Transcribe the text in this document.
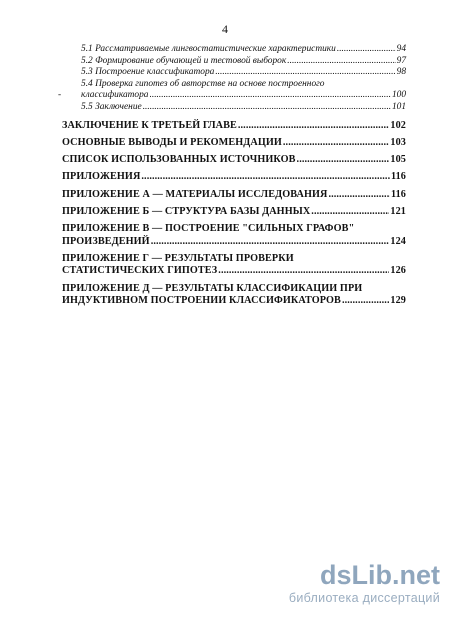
4
5.1 Рассматриваемые лингвостатистические характеристики .....	94
5.2 Формирование обучающей и тестовой выборок .....	97
5.3 Построение классификатора .....	98
5.4 Проверка гипотез об авторстве на основе построенного
- классификатора .....	100
5.5 Заключение .....	101
ЗАКЛЮЧЕНИЕ К ТРЕТЬЕЙ ГЛАВЕ .....	102
ОСНОВНЫЕ ВЫВОДЫ И РЕКОМЕНДАЦИИ .....	103
СПИСОК ИСПОЛЬЗОВАННЫХ ИСТОЧНИКОВ .....	105
ПРИЛОЖЕНИЯ .....	116
ПРИЛОЖЕНИЕ А — МАТЕРИАЛЫ ИССЛЕДОВАНИЯ .....	116
ПРИЛОЖЕНИЕ Б — СТРУКТУРА БАЗЫ ДАННЫХ .....	121
ПРИЛОЖЕНИЕ В — ПОСТРОЕНИЕ "СИЛЬНЫХ ГРАФОВ"
ПРОИЗВЕДЕНИЙ .....	124
ПРИЛОЖЕНИЕ Г — РЕЗУЛЬТАТЫ ПРОВЕРКИ
СТАТИСТИЧЕСКИХ ГИПОТЕЗ .....	126
ПРИЛОЖЕНИЕ Д — РЕЗУЛЬТАТЫ КЛАССИФИКАЦИИ ПРИ
ИНДУКТИВНОМ ПОСТРОЕНИИ КЛАССИФИКАТОРОВ .....	129
dsLib.net
библиотека диссертаций
